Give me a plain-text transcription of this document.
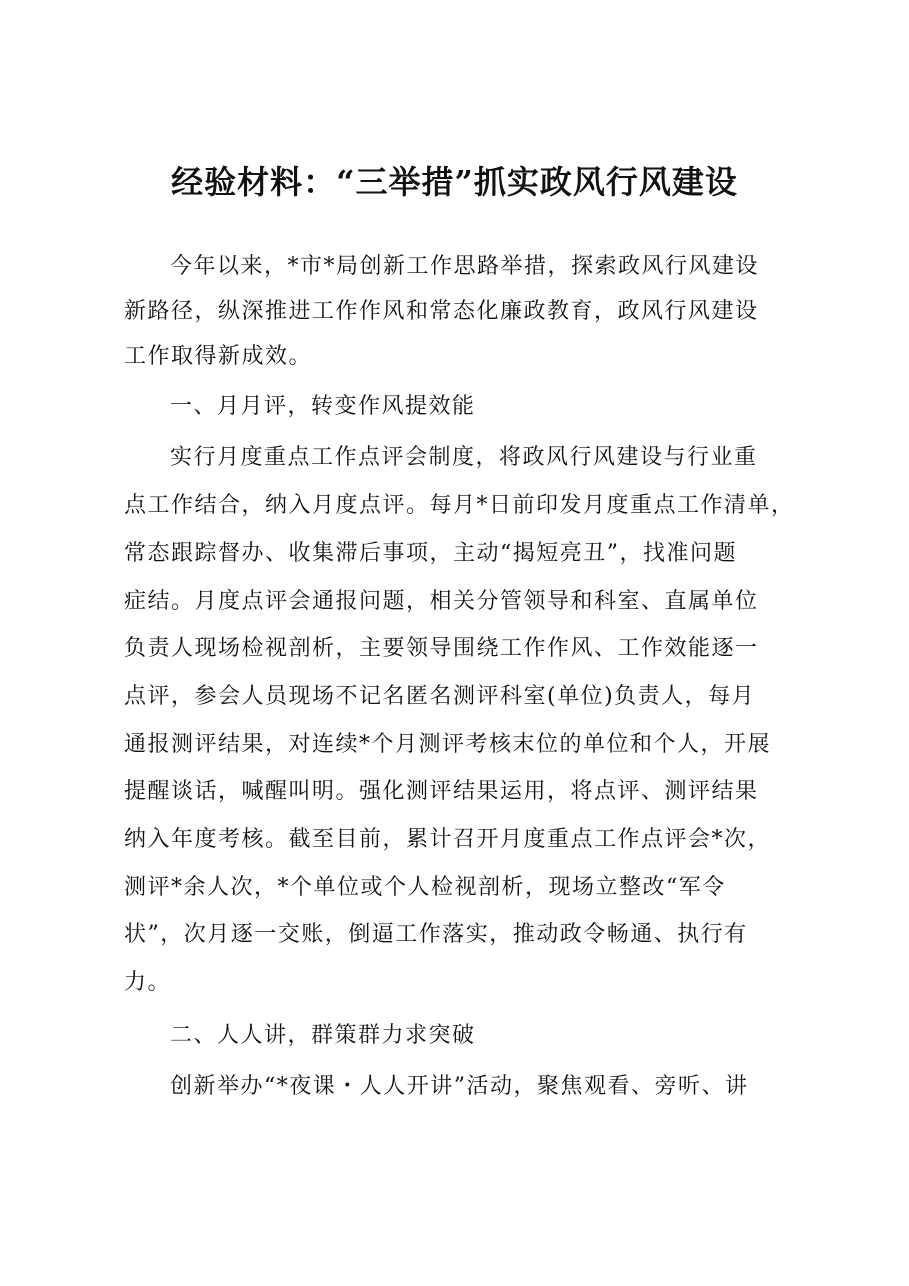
经验材料：“三举措”抓实政风行风建设
今年以来，*市*局创新工作思路举措，探索政风行风建设
新路径，纵深推进工作作风和常态化廉政教育，政风行风建设
工作取得新成效。
一、月月评，转变作风提效能
实行月度重点工作点评会制度，将政风行风建设与行业重
点工作结合，纳入月度点评。每月*日前印发月度重点工作清单，
常态跟踪督办、收集滞后事项，主动“揭短亮丑”，找准问题
症结。月度点评会通报问题，相关分管领导和科室、直属单位
负责人现场检视剖析，主要领导围绕工作作风、工作效能逐一
点评，参会人员现场不记名匿名测评科室(单位)负责人，每月
通报测评结果，对连续*个月测评考核末位的单位和个人，开展
提醒谈话，喊醒叫明。强化测评结果运用，将点评、测评结果
纳入年度考核。截至目前，累计召开月度重点工作点评会*次，
测评*余人次，*个单位或个人检视剖析，现场立整改“军令
状”，次月逐一交账，倒逼工作落实，推动政令畅通、执行有
力。
二、人人讲，群策群力求突破
创新举办“*夜课・人人开讲”活动，聚焦观看、旁听、讲
